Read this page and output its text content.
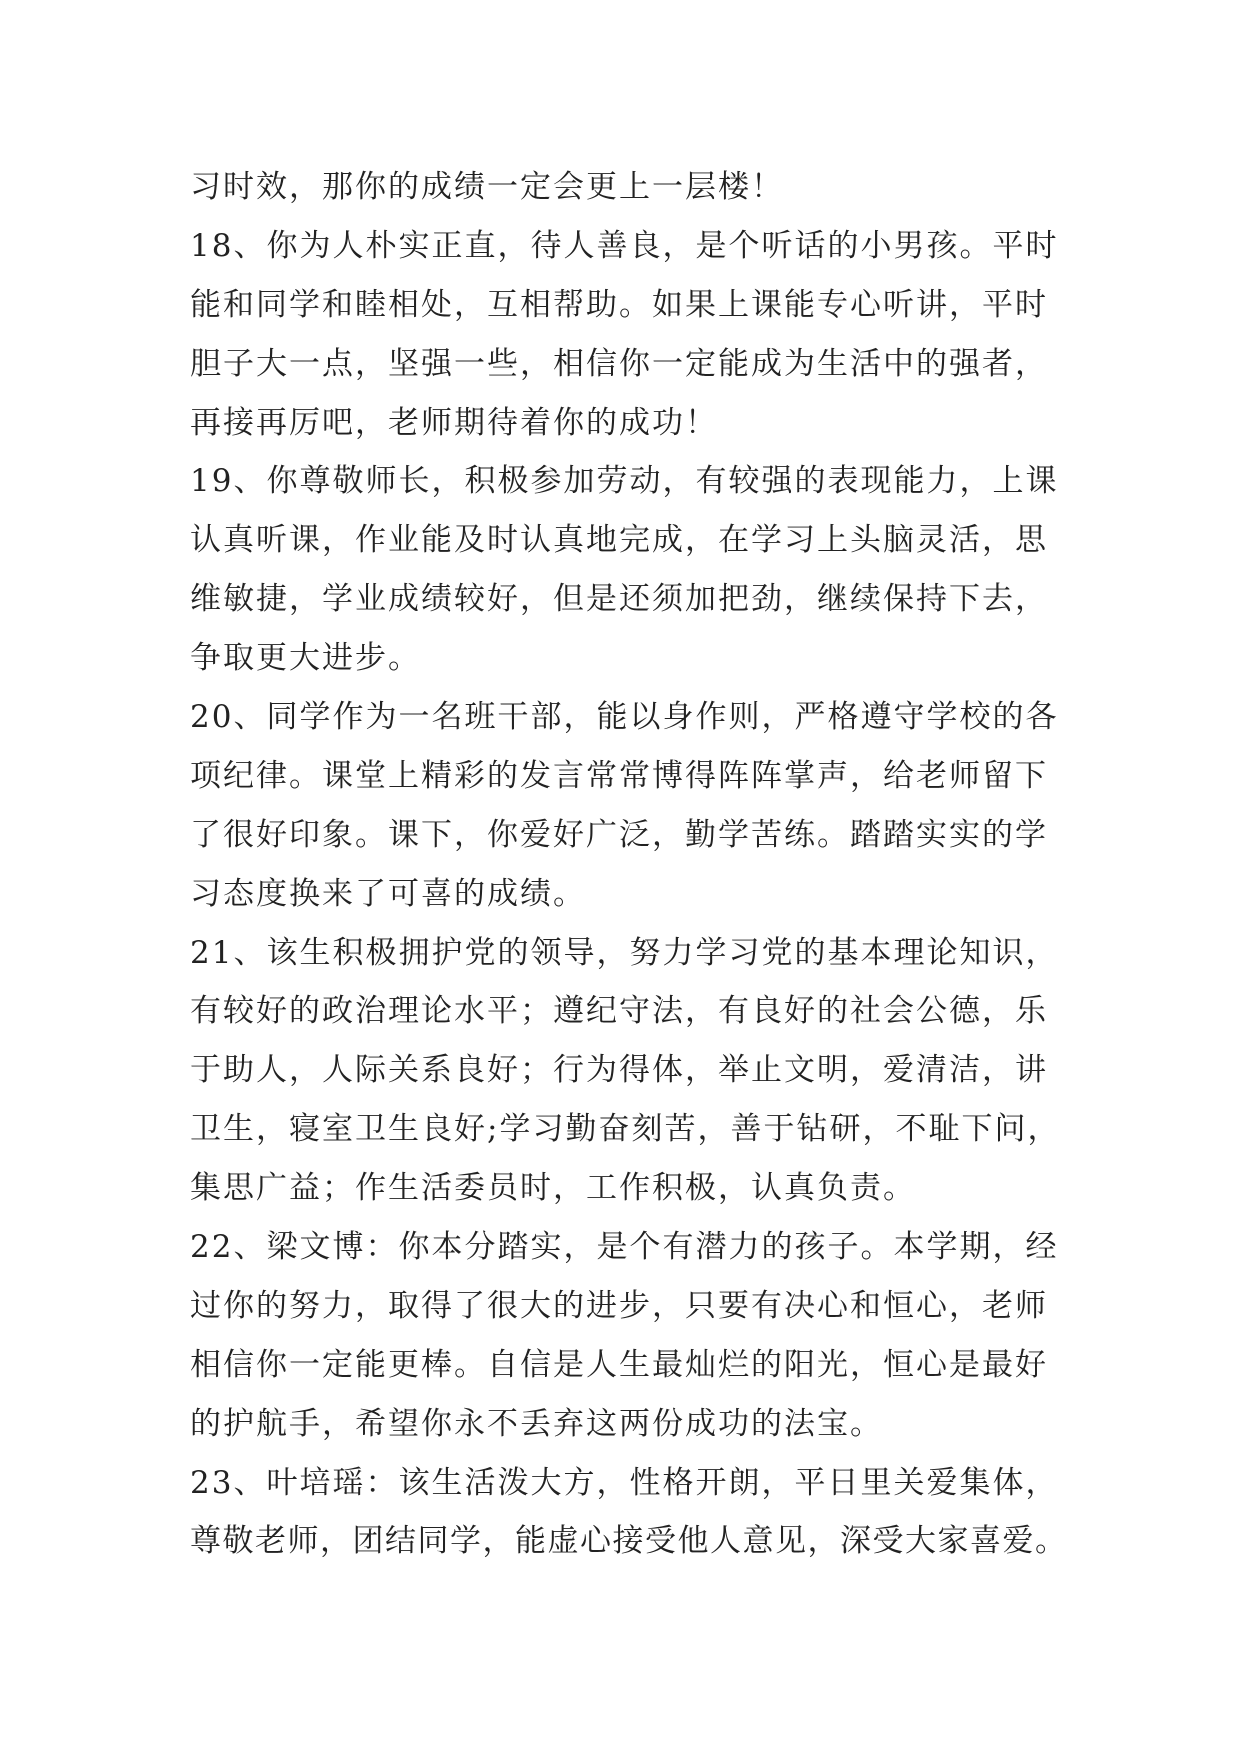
习时效，那你的成绩一定会更上一层楼！
18、你为人朴实正直，待人善良，是个听话的小男孩。平时
能和同学和睦相处，互相帮助。如果上课能专心听讲，平时
胆子大一点，坚强一些，相信你一定能成为生活中的强者，
再接再厉吧，老师期待着你的成功！
19、你尊敬师长，积极参加劳动，有较强的表现能力，上课
认真听课，作业能及时认真地完成，在学习上头脑灵活，思
维敏捷，学业成绩较好，但是还须加把劲，继续保持下去，
争取更大进步。
20、同学作为一名班干部，能以身作则，严格遵守学校的各
项纪律。课堂上精彩的发言常常博得阵阵掌声，给老师留下
了很好印象。课下，你爱好广泛，勤学苦练。踏踏实实的学
习态度换来了可喜的成绩。
21、该生积极拥护党的领导，努力学习党的基本理论知识，
有较好的政治理论水平；遵纪守法，有良好的社会公德，乐
于助人，人际关系良好；行为得体，举止文明，爱清洁，讲
卫生，寝室卫生良好;学习勤奋刻苦，善于钻研，不耻下问，
集思广益；作生活委员时，工作积极，认真负责。
22、梁文博：你本分踏实，是个有潜力的孩子。本学期，经
过你的努力，取得了很大的进步，只要有决心和恒心，老师
相信你一定能更棒。自信是人生最灿烂的阳光，恒心是最好
的护航手，希望你永不丢弃这两份成功的法宝。
23、叶培瑶：该生活泼大方，性格开朗，平日里关爱集体，
尊敬老师，团结同学，能虚心接受他人意见，深受大家喜爱。
